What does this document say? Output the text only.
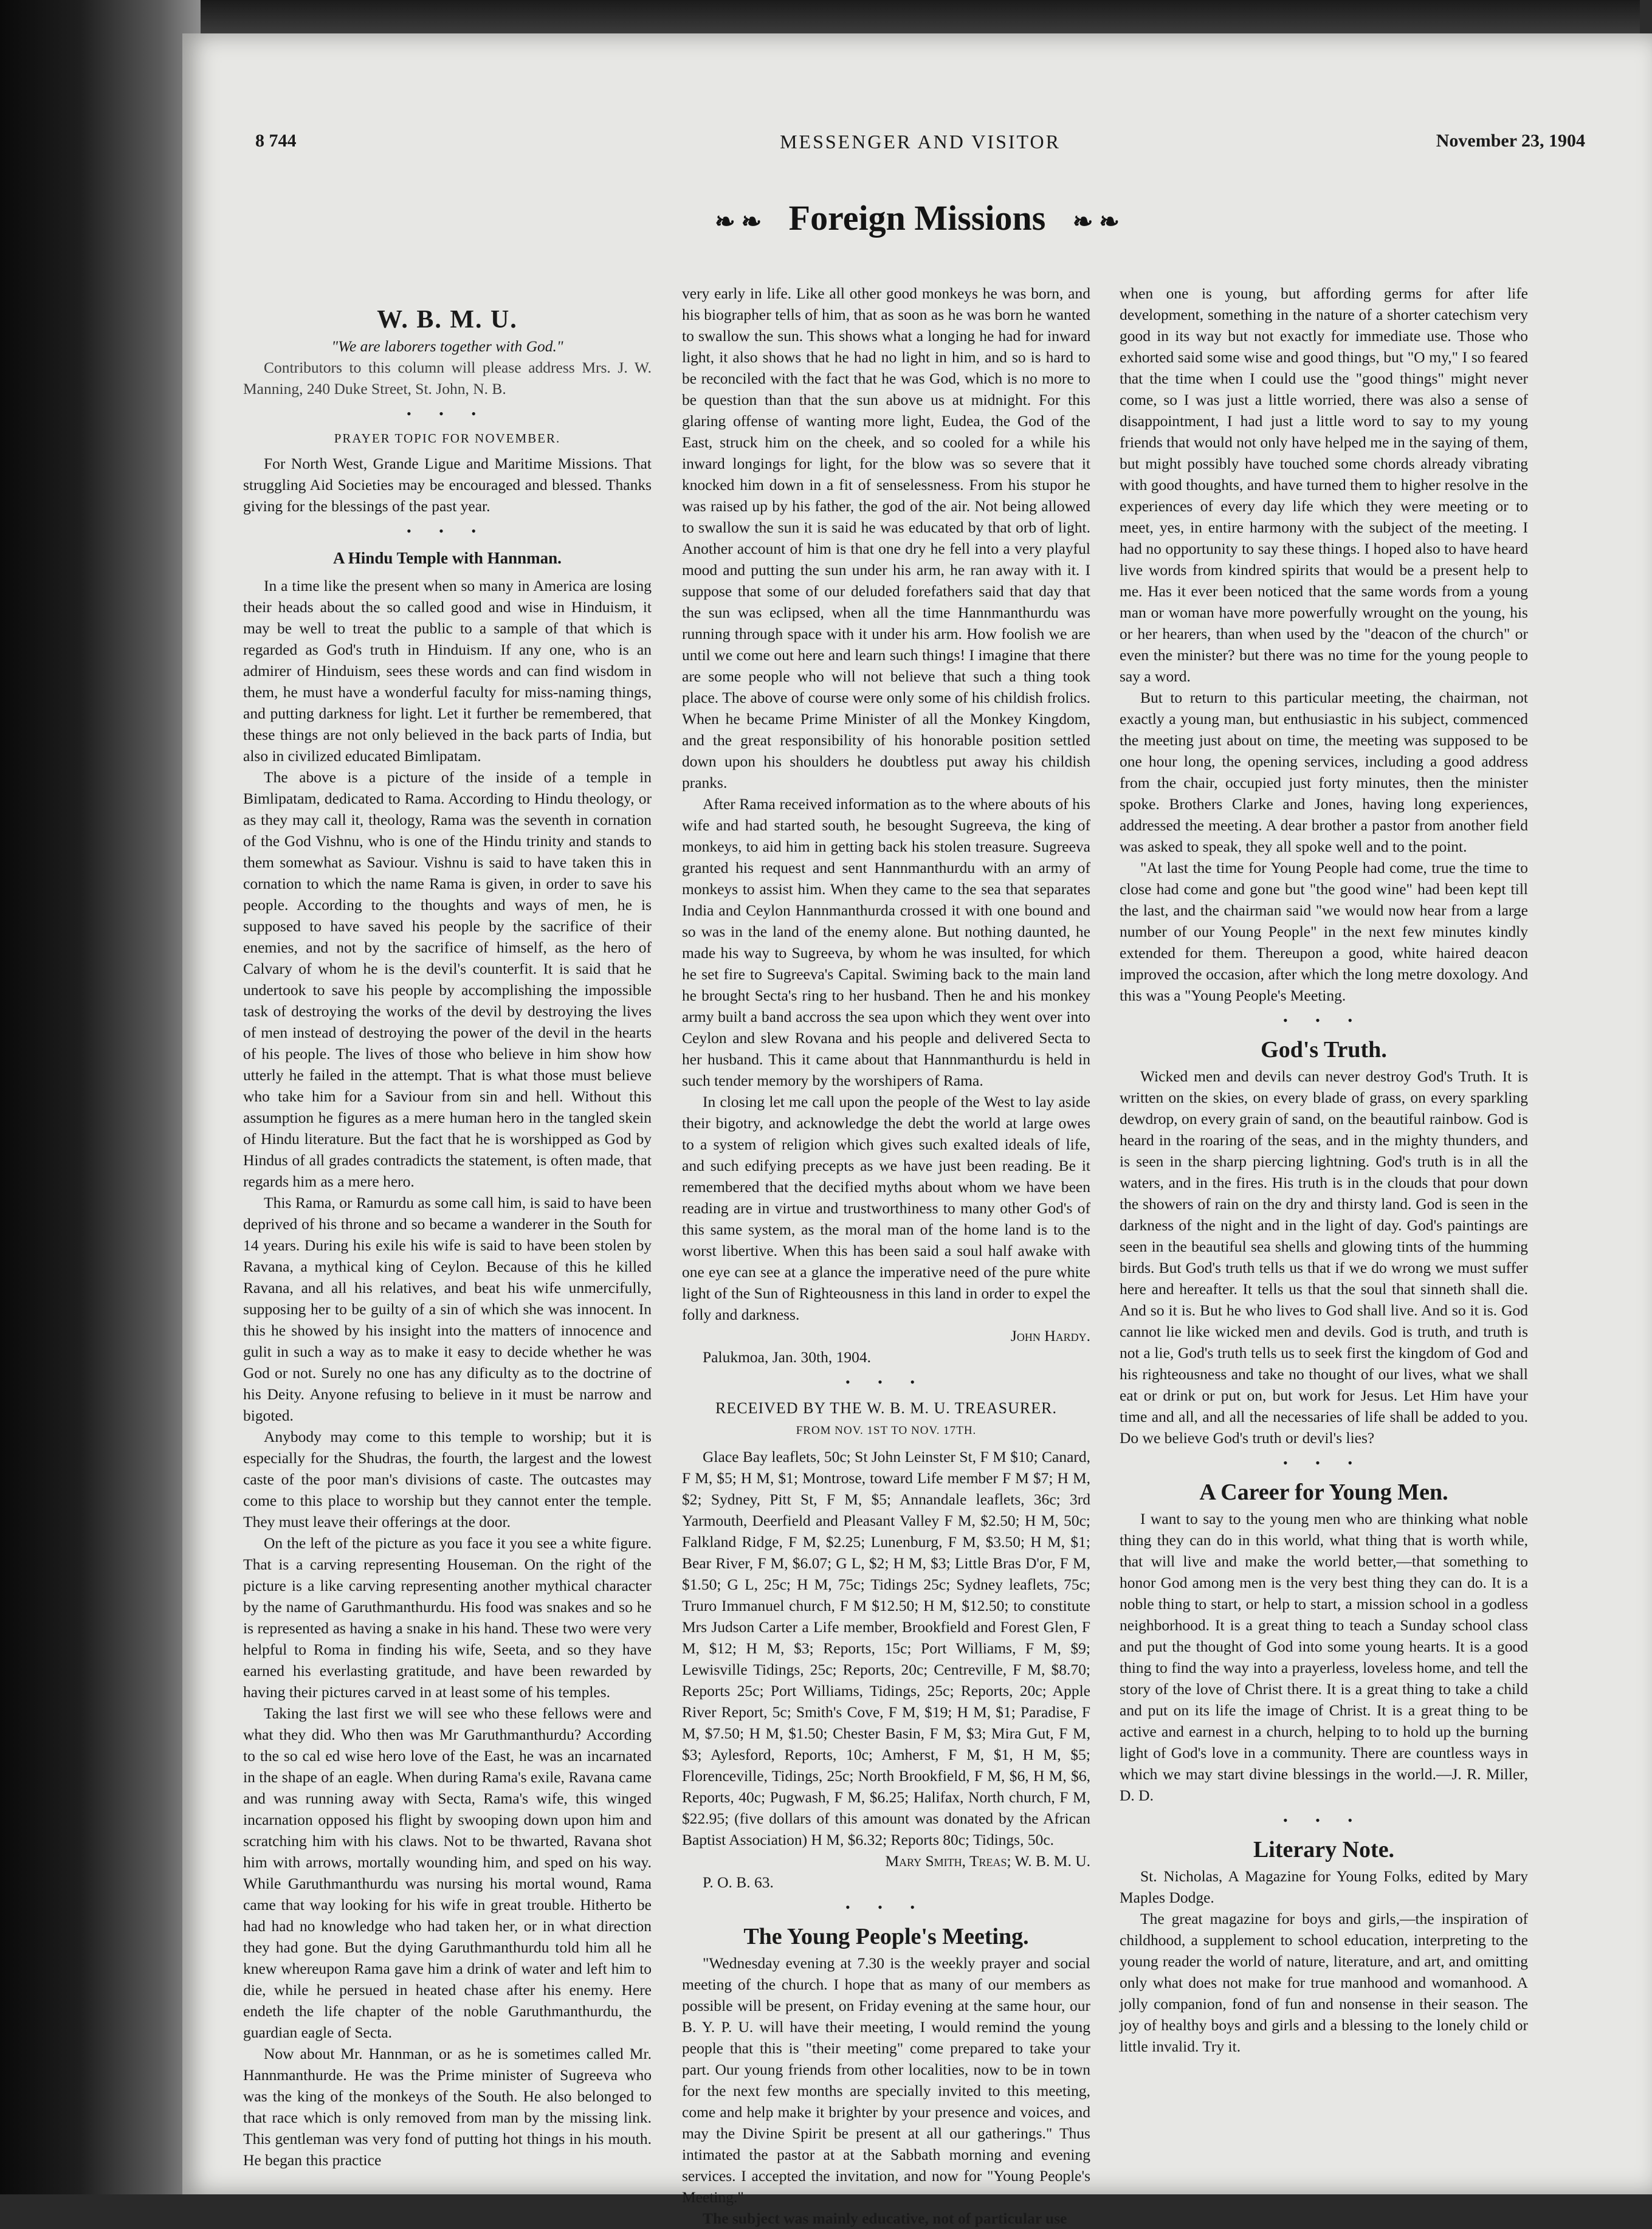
8 744	MESSENGER AND VISITOR	November 23, 1904
❧ ❧ Foreign Missions ❧ ❧
W. B. M. U.

"We are laborers together with God."

Contributors to this column will please address Mrs. J. W. Manning, 240 Duke Street, St. John, N. B.

• • •
PRAYER TOPIC FOR NOVEMBER.

For North West, Grande Ligue and Maritime Missions. That struggling Aid Societies may be encouraged and blessed. Thanks giving for the blessings of the past year.

• • •
A Hindu Temple with Hannman.

In a time like the present when so many in America are losing their heads about the so called good and wise in Hinduism, it may be well to treat the public to a sample of that which is regarded as God's truth in Hinduism. If any one, who is an admirer of Hinduism, sees these words and can find wisdom in them, he must have a wonderful faculty for miss-naming things, and putting darkness for light. Let it further be remembered, that these things are not only believed in the back parts of India, but also in civilized educated Bimlipatam.

The above is a picture of the inside of a temple in Bimlipatam, dedicated to Rama. According to Hindu theology, or as they may call it, theology, Rama was the seventh in cornation of the God Vishnu, who is one of the Hindu trinity and stands to them somewhat as Saviour. Vishnu is said to have taken this in cornation to which the name Rama is given, in order to save his people. According to the thoughts and ways of men, he is supposed to have saved his people by the sacrifice of their enemies, and not by the sacrifice of himself, as the hero of Calvary of whom he is the devil's counterfit. It is said that he undertook to save his people by accomplishing the impossible task of destroying the works of the devil by destroying the lives of men instead of destroying the power of the devil in the hearts of his people. The lives of those who believe in him show how utterly he failed in the attempt. That is what those must believe who take him for a Saviour from sin and hell. Without this assumption he figures as a mere human hero in the tangled skein of Hindu literature. But the fact that he is worshipped as God by Hindus of all grades contradicts the statement, is often made, that regards him as a mere hero.

This Rama, or Ramurdu as some call him, is said to have been deprived of his throne and so became a wanderer in the South for 14 years. During his exile his wife is said to have been stolen by Ravana, a mythical king of Ceylon. Because of this he killed Ravana, and all his relatives, and beat his wife unmercifully, supposing her to be guilty of a sin of which she was innocent. In this he showed by his insight into the matters of innocence and gulit in such a way as to make it easy to decide whether he was God or not. Surely no one has any dificulty as to the doctrine of his Deity. Anyone refusing to believe in it must be narrow and bigoted.

Anybody may come to this temple to worship; but it is especially for the Shudras, the fourth, the largest and the lowest caste of the poor man's divisions of caste. The outcastes may come to this place to worship but they cannot enter the temple. They must leave their offerings at the door.

On the left of the picture as you face it you see a white figure. That is a carving representing Houseman. On the right of the picture is a like carving representing another mythical character by the name of Garuthmanthurdu. His food was snakes and so he is represented as having a snake in his hand. These two were very helpful to Roma in finding his wife, Seeta, and so they have earned his everlasting gratitude, and have been rewarded by having their pictures carved in at least some of his temples.

Taking the last first we will see who these fellows were and what they did. Who then was Mr Garuthmanthurdu? According to the so cal ed wise hero love of the East, he was an incarnated in the shape of an eagle. When during Rama's exile, Ravana came and was running away with Secta, Rama's wife, this winged incarnation opposed his flight by swooping down upon him and scratching him with his claws. Not to be thwarted, Ravana shot him with arrows, mortally wounding him, and sped on his way. While Garuthmanthurdu was nursing his mortal wound, Rama came that way looking for his wife in great trouble. Hitherto be had had no knowledge who had taken her, or in what direction they had gone. But the dying Garuthmanthurdu told him all he knew whereupon Rama gave him a drink of water and left him to die, while he persued in heated chase after his enemy. Here endeth the life chapter of the noble Garuthmanthurdu, the guardian eagle of Secta.

Now about Mr. Hannman, or as he is sometimes called Mr. Hannmanthurde. He was the Prime minister of Sugreeva who was the king of the monkeys of the South. He also belonged to that race which is only removed from man by the missing link. This gentleman was very fond of putting hot things in his mouth. He began this practice

very early in life. Like all other good monkeys he was born, and his biographer tells of him, that as soon as he was born he wanted to swallow the sun. This shows what a longing he had for inward light, it also shows that he had no light in him, and so is hard to be reconciled with the fact that he was God, which is no more to be question than that the sun above us at midnight. For this glaring offense of wanting more light, Eudea, the God of the East, struck him on the cheek, and so cooled for a while his inward longings for light, for the blow was so severe that it knocked him down in a fit of senselessness. From his stupor he was raised up by his father, the god of the air. Not being allowed to swallow the sun it is said he was educated by that orb of light. Another account of him is that one dry he fell into a very playful mood and putting the sun under his arm, he ran away with it. I suppose that some of our deluded forefathers said that day that the sun was eclipsed, when all the time Hannmanthurdu was running through space with it under his arm. How foolish we are until we come out here and learn such things! I imagine that there are some people who will not believe that such a thing took place. The above of course were only some of his childish frolics. When he became Prime Minister of all the Monkey Kingdom, and the great responsibility of his honorable position settled down upon his shoulders he doubtless put away his childish pranks.

After Rama received information as to the where abouts of his wife and had started south, he besought Sugreeva, the king of monkeys, to aid him in getting back his stolen treasure. Sugreeva granted his request and sent Hannmanthurdu with an army of monkeys to assist him. When they came to the sea that separates India and Ceylon Hannmanthurda crossed it with one bound and so was in the land of the enemy alone. But nothing daunted, he made his way to Sugreeva, by whom he was insulted, for which he set fire to Sugreeva's Capital. Swiming back to the main land he brought Secta's ring to her husband. Then he and his monkey army built a band accross the sea upon which they went over into Ceylon and slew Rovana and his people and delivered Secta to her husband. This it came about that Hannmanthurdu is held in such tender memory by the worshipers of Rama.

In closing let me call upon the people of the West to lay aside their bigotry, and acknowledge the debt the world at large owes to a system of religion which gives such exalted ideals of life, and such edifying precepts as we have just been reading. Be it remembered that the decified myths about whom we have been reading are in virtue and trustworthiness to many other God's of this same system, as the moral man of the home land is to the worst libertive. When this has been said a soul half awake with one eye can see at a glance the imperative need of the pure white light of the Sun of Righteousness in this land in order to expel the folly and darkness.

John Hardy.

Palukmoa, Jan. 30th, 1904.

• • •
RECEIVED BY THE W. B. M. U. TREASURER.
FROM NOV. 1ST TO NOV. 17TH.

Glace Bay leaflets, 50c; St John Leinster St, F M $10; Canard, F M, $5; H M, $1; Montrose, toward Life member F M $7; H M, $2; Sydney, Pitt St, F M, $5; Annandale leaflets, 36c; 3rd Yarmouth, Deerfield and Pleasant Valley F M, $2.50; H M, 50c; Falkland Ridge, F M, $2.25; Lunenburg, F M, $3.50; H M, $1; Bear River, F M, $6.07; G L, $2; H M, $3; Little Bras D'or, F M, $1.50; G L, 25c; H M, 75c; Tidings 25c; Sydney leaflets, 75c; Truro Immanuel church, F M $12.50; H M, $12.50; to constitute Mrs Judson Carter a Life member, Brookfield and Forest Glen, F M, $12; H M, $3; Reports, 15c; Port Williams, F M, $9; Lewisville Tidings, 25c; Reports, 20c; Centreville, F M, $8.70; Reports 25c; Port Williams, Tidings, 25c; Reports, 20c; Apple River Report, 5c; Smith's Cove, F M, $19; H M, $1; Paradise, F M, $7.50; H M, $1.50; Chester Basin, F M, $3; Mira Gut, F M, $3; Aylesford, Reports, 10c; Amherst, F M, $1, H M, $5; Florenceville, Tidings, 25c; North Brookfield, F M, $6, H M, $6, Reports, 40c; Pugwash, F M, $6.25; Halifax, North church, F M, $22.95; (five dollars of this amount was donated by the African Baptist Association) H M, $6.32; Reports 80c; Tidings, 50c.

Mary Smith, Treas; W. B. M. U.

P. O. B. 63.

• • •
The Young People's Meeting.

"Wednesday evening at 7.30 is the weekly prayer and social meeting of the church. I hope that as many of our members as possible will be present, on Friday evening at the same hour, our B. Y. P. U. will have their meeting, I would remind the young people that this is "their meeting" come prepared to take your part. Our young friends from other localities, now to be in town for the next few months are specially invited to this meeting, come and help make it brighter by your presence and voices, and may the Divine Spirit be present at all our gatherings." Thus intimated the pastor at at the Sabbath morning and evening services. I accepted the invitation, and now for "Young People's Meeting."

The subject was mainly educative, not of particular use

when one is young, but affording germs for after life development, something in the nature of a shorter catechism very good in its way but not exactly for immediate use. Those who exhorted said some wise and good things, but "O my," I so feared that the time when I could use the "good things" might never come, so I was just a little worried, there was also a sense of disappointment, I had just a little word to say to my young friends that would not only have helped me in the saying of them, but might possibly have touched some chords already vibrating with good thoughts, and have turned them to higher resolve in the experiences of every day life which they were meeting or to meet, yes, in entire harmony with the subject of the meeting. I had no opportunity to say these things. I hoped also to have heard live words from kindred spirits that would be a present help to me. Has it ever been noticed that the same words from a young man or woman have more powerfully wrought on the young, his or her hearers, than when used by the "deacon of the church" or even the minister? but there was no time for the young people to say a word.

But to return to this particular meeting, the chairman, not exactly a young man, but enthusiastic in his subject, commenced the meeting just about on time, the meeting was supposed to be one hour long, the opening services, including a good address from the chair, occupied just forty minutes, then the minister spoke. Brothers Clarke and Jones, having long experiences, addressed the meeting. A dear brother a pastor from another field was asked to speak, they all spoke well and to the point.

"At last the time for Young People had come, true the time to close had come and gone but "the good wine" had been kept till the last, and the chairman said "we would now hear from a large number of our Young People" in the next few minutes kindly extended for them. Thereupon a good, white haired deacon improved the occasion, after which the long metre doxology. And this was a "Young People's Meeting.

• • •
God's Truth.

Wicked men and devils can never destroy God's Truth. It is written on the skies, on every blade of grass, on every sparkling dewdrop, on every grain of sand, on the beautiful rainbow. God is heard in the roaring of the seas, and in the mighty thunders, and is seen in the sharp piercing lightning. God's truth is in all the waters, and in the fires. His truth is in the clouds that pour down the showers of rain on the dry and thirsty land. God is seen in the darkness of the night and in the light of day. God's paintings are seen in the beautiful sea shells and glowing tints of the humming birds. But God's truth tells us that if we do wrong we must suffer here and hereafter. It tells us that the soul that sinneth shall die. And so it is. But he who lives to God shall live. And so it is. God cannot lie like wicked men and devils. God is truth, and truth is not a lie, God's truth tells us to seek first the kingdom of God and his righteousness and take no thought of our lives, what we shall eat or drink or put on, but work for Jesus. Let Him have your time and all, and all the necessaries of life shall be added to you. Do we believe God's truth or devil's lies?

• • •
A Career for Young Men.

I want to say to the young men who are thinking what noble thing they can do in this world, what thing that is worth while, that will live and make the world better,—that something to honor God among men is the very best thing they can do. It is a noble thing to start, or help to start, a mission school in a godless neighborhood. It is a great thing to teach a Sunday school class and put the thought of God into some young hearts. It is a good thing to find the way into a prayerless, loveless home, and tell the story of the love of Christ there. It is a great thing to take a child and put on its life the image of Christ. It is a great thing to be active and earnest in a church, helping to to hold up the burning light of God's love in a community. There are countless ways in which we may start divine blessings in the world.—J. R. Miller, D. D.

• • •
Literary Note.

St. Nicholas, A Magazine for Young Folks, edited by Mary Maples Dodge.

The great magazine for boys and girls,—the inspiration of childhood, a supplement to school education, interpreting to the young reader the world of nature, literature, and art, and omitting only what does not make for true manhood and womanhood. A jolly companion, fond of fun and nonsense in their season. The joy of healthy boys and girls and a blessing to the lonely child or little invalid. Try it.
